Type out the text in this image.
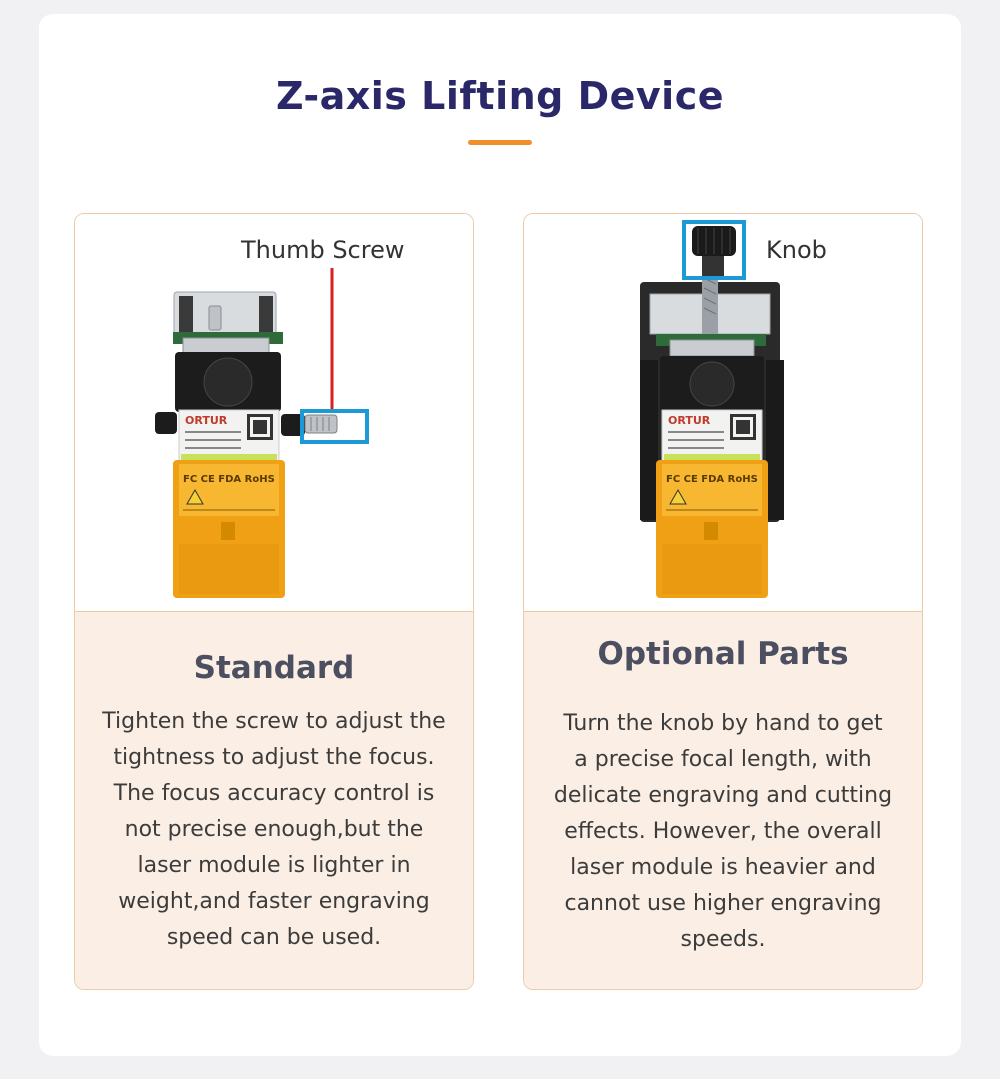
Z-axis Lifting Device
ORTUR
FC CE FDA RoHS
Thumb Screw
Standard
Tighten the screw to adjust the
tightness to adjust the focus.
The focus accuracy control is
not precise enough,but the
laser module is lighter in
weight,and faster engraving
speed can be used.
ORTUR
FC CE FDA RoHS
Knob
Optional Parts
Turn the knob by hand to get
a precise focal length, with
delicate engraving and cutting
effects. However, the overall
laser module is heavier and
cannot use higher engraving
speeds.
